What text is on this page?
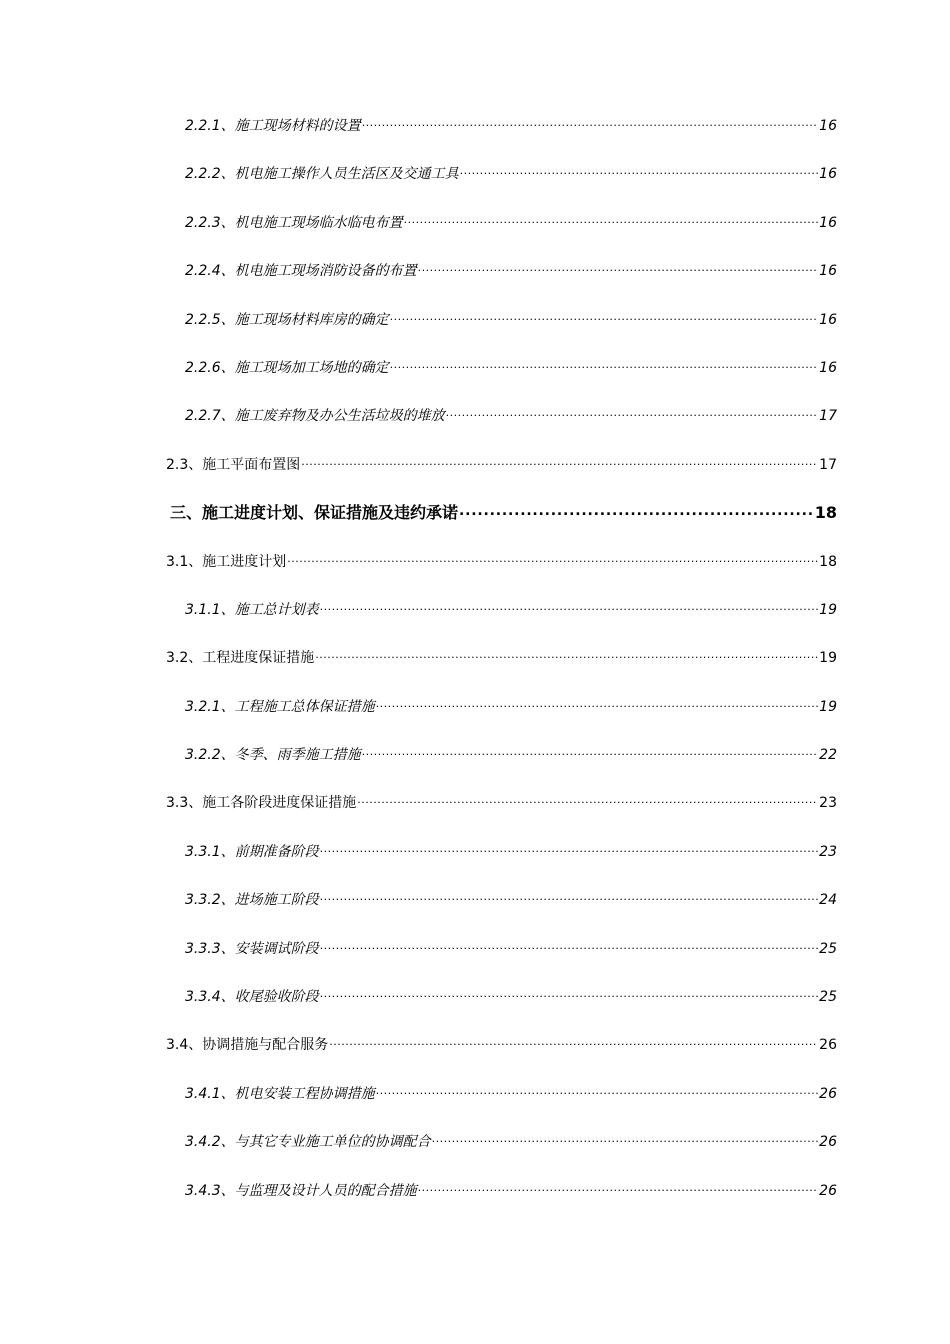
2.2.1、施工现场材料的设置 .....	16
2.2.2、机电施工操作人员生活区及交通工具 .....	16
2.2.3、机电施工现场临水临电布置 .....	16
2.2.4、机电施工现场消防设备的布置 .....	16
2.2.5、施工现场材料库房的确定 .....	16
2.2.6、施工现场加工场地的确定 .....	16
2.2.7、施工废弃物及办公生活垃圾的堆放 .....	17
2.3、施工平面布置图 .....	17
三、施工进度计划、保证措施及违约承诺 .....	18
3.1、施工进度计划 .....	18
3.1.1、施工总计划表 .....	19
3.2、工程进度保证措施 .....	19
3.2.1、工程施工总体保证措施 .....	19
3.2.2、冬季、雨季施工措施 .....	22
3.3、施工各阶段进度保证措施 .....	23
3.3.1、前期准备阶段 .....	23
3.3.2、进场施工阶段 .....	24
3.3.3、安装调试阶段 .....	25
3.3.4、收尾验收阶段 .....	25
3.4、协调措施与配合服务 .....	26
3.4.1、机电安装工程协调措施 .....	26
3.4.2、与其它专业施工单位的协调配合 .....	26
3.4.3、与监理及设计人员的配合措施 .....	26
